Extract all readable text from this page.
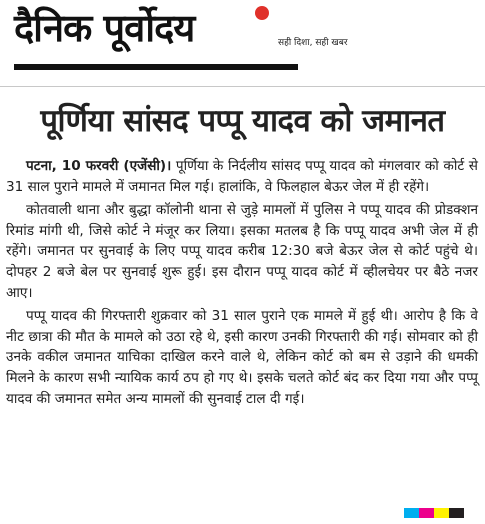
दैनिक पूर्वोदय	सही दिशा, सही खबर
पूर्णिया सांसद पप्पू यादव को जमानत

पटना, 10 फरवरी (एजेंसी)। पूर्णिया के निर्दलीय सांसद पप्पू यादव को मंगलवार को कोर्ट से 31 साल पुराने मामले में जमानत मिल गई। हालांकि, वे फिलहाल बेऊर जेल में ही रहेंगे।

कोतवाली थाना और बुद्धा कॉलोनी थाना से जुड़े मामलों में पुलिस ने पप्पू यादव की प्रोडक्शन रिमांड मांगी थी, जिसे कोर्ट ने मंजूर कर लिया। इसका मतलब है कि पप्पू यादव अभी जेल में ही रहेंगे। जमानत पर सुनवाई के लिए पप्पू यादव करीब 12:30 बजे बेऊर जेल से कोर्ट पहुंचे थे। दोपहर 2 बजे बेल पर सुनवाई शुरू हुई। इस दौरान पप्पू यादव कोर्ट में व्हीलचेयर पर बैठे नजर आए।

पप्पू यादव की गिरफ्तारी शुक्रवार को 31 साल पुराने एक मामले में हुई थी। आरोप है कि वे नीट छात्रा की मौत के मामले को उठा रहे थे, इसी कारण उनकी गिरफ्तारी की गई। सोमवार को ही उनके वकील जमानत याचिका दाखिल करने वाले थे, लेकिन कोर्ट को बम से उड़ाने की धमकी मिलने के कारण सभी न्यायिक कार्य ठप हो गए थे। इसके चलते कोर्ट बंद कर दिया गया और पप्पू यादव की जमानत समेत अन्य मामलों की सुनवाई टाल दी गई।
